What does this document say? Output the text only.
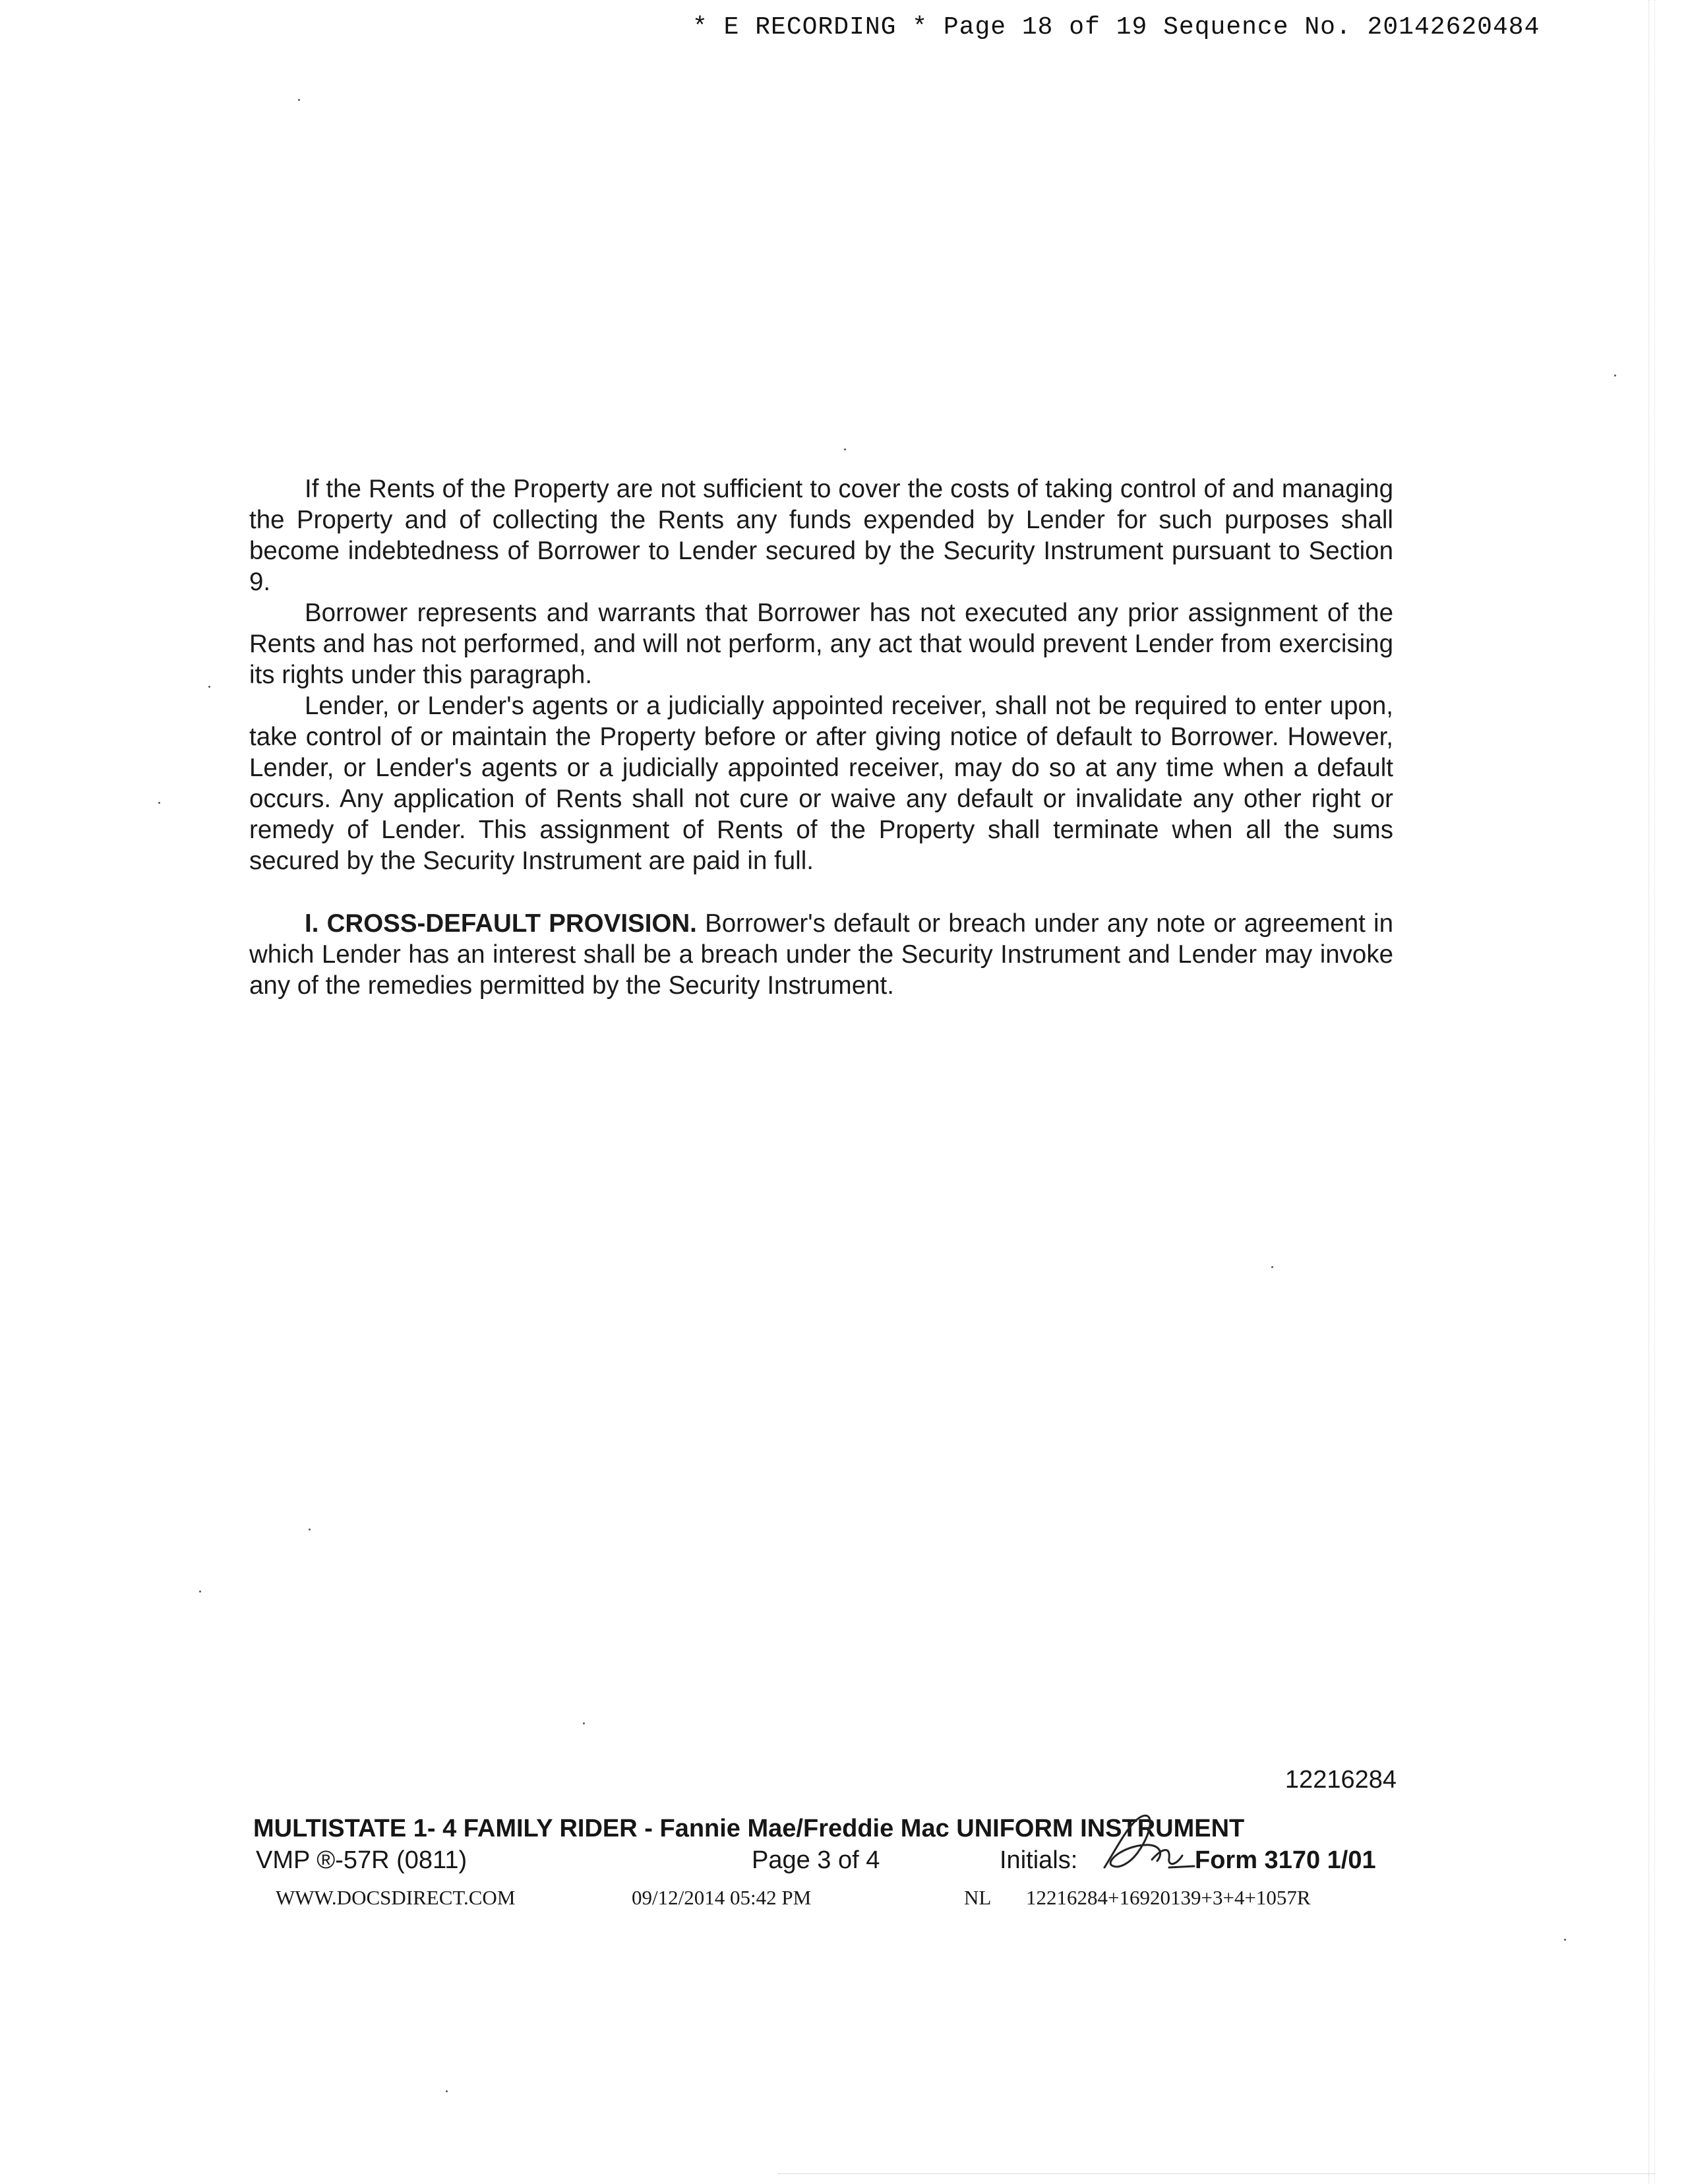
* E RECORDING * Page 18 of 19 Sequence No. 20142620484

If the Rents of the Property are not sufficient to cover the costs of taking control of and managing the Property and of collecting the Rents any funds expended by Lender for such purposes shall become indebtedness of Borrower to Lender secured by the Security Instrument pursuant to Section 9.

Borrower represents and warrants that Borrower has not executed any prior assignment of the Rents and has not performed, and will not perform, any act that would prevent Lender from exercising its rights under this paragraph.

Lender, or Lender's agents or a judicially appointed receiver, shall not be required to enter upon, take control of or maintain the Property before or after giving notice of default to Borrower. However, Lender, or Lender's agents or a judicially appointed receiver, may do so at any time when a default occurs. Any application of Rents shall not cure or waive any default or invalidate any other right or remedy of Lender. This assignment of Rents of the Property shall terminate when all the sums secured by the Security Instrument are paid in full.

I. CROSS-DEFAULT PROVISION. Borrower's default or breach under any note or agreement in which Lender has an interest shall be a breach under the Security Instrument and Lender may invoke any of the remedies permitted by the Security Instrument.

12216284
MULTISTATE 1- 4 FAMILY RIDER - Fannie Mae/Freddie Mac UNIFORM INSTRUMENT
VMP ®-57R (0811)	Page 3 of 4	Initials:	Form 3170 1/01
WWW.DOCSDIRECT.COM	09/12/2014 05:42 PM	NL 12216284+16920139+3+4+1057R
